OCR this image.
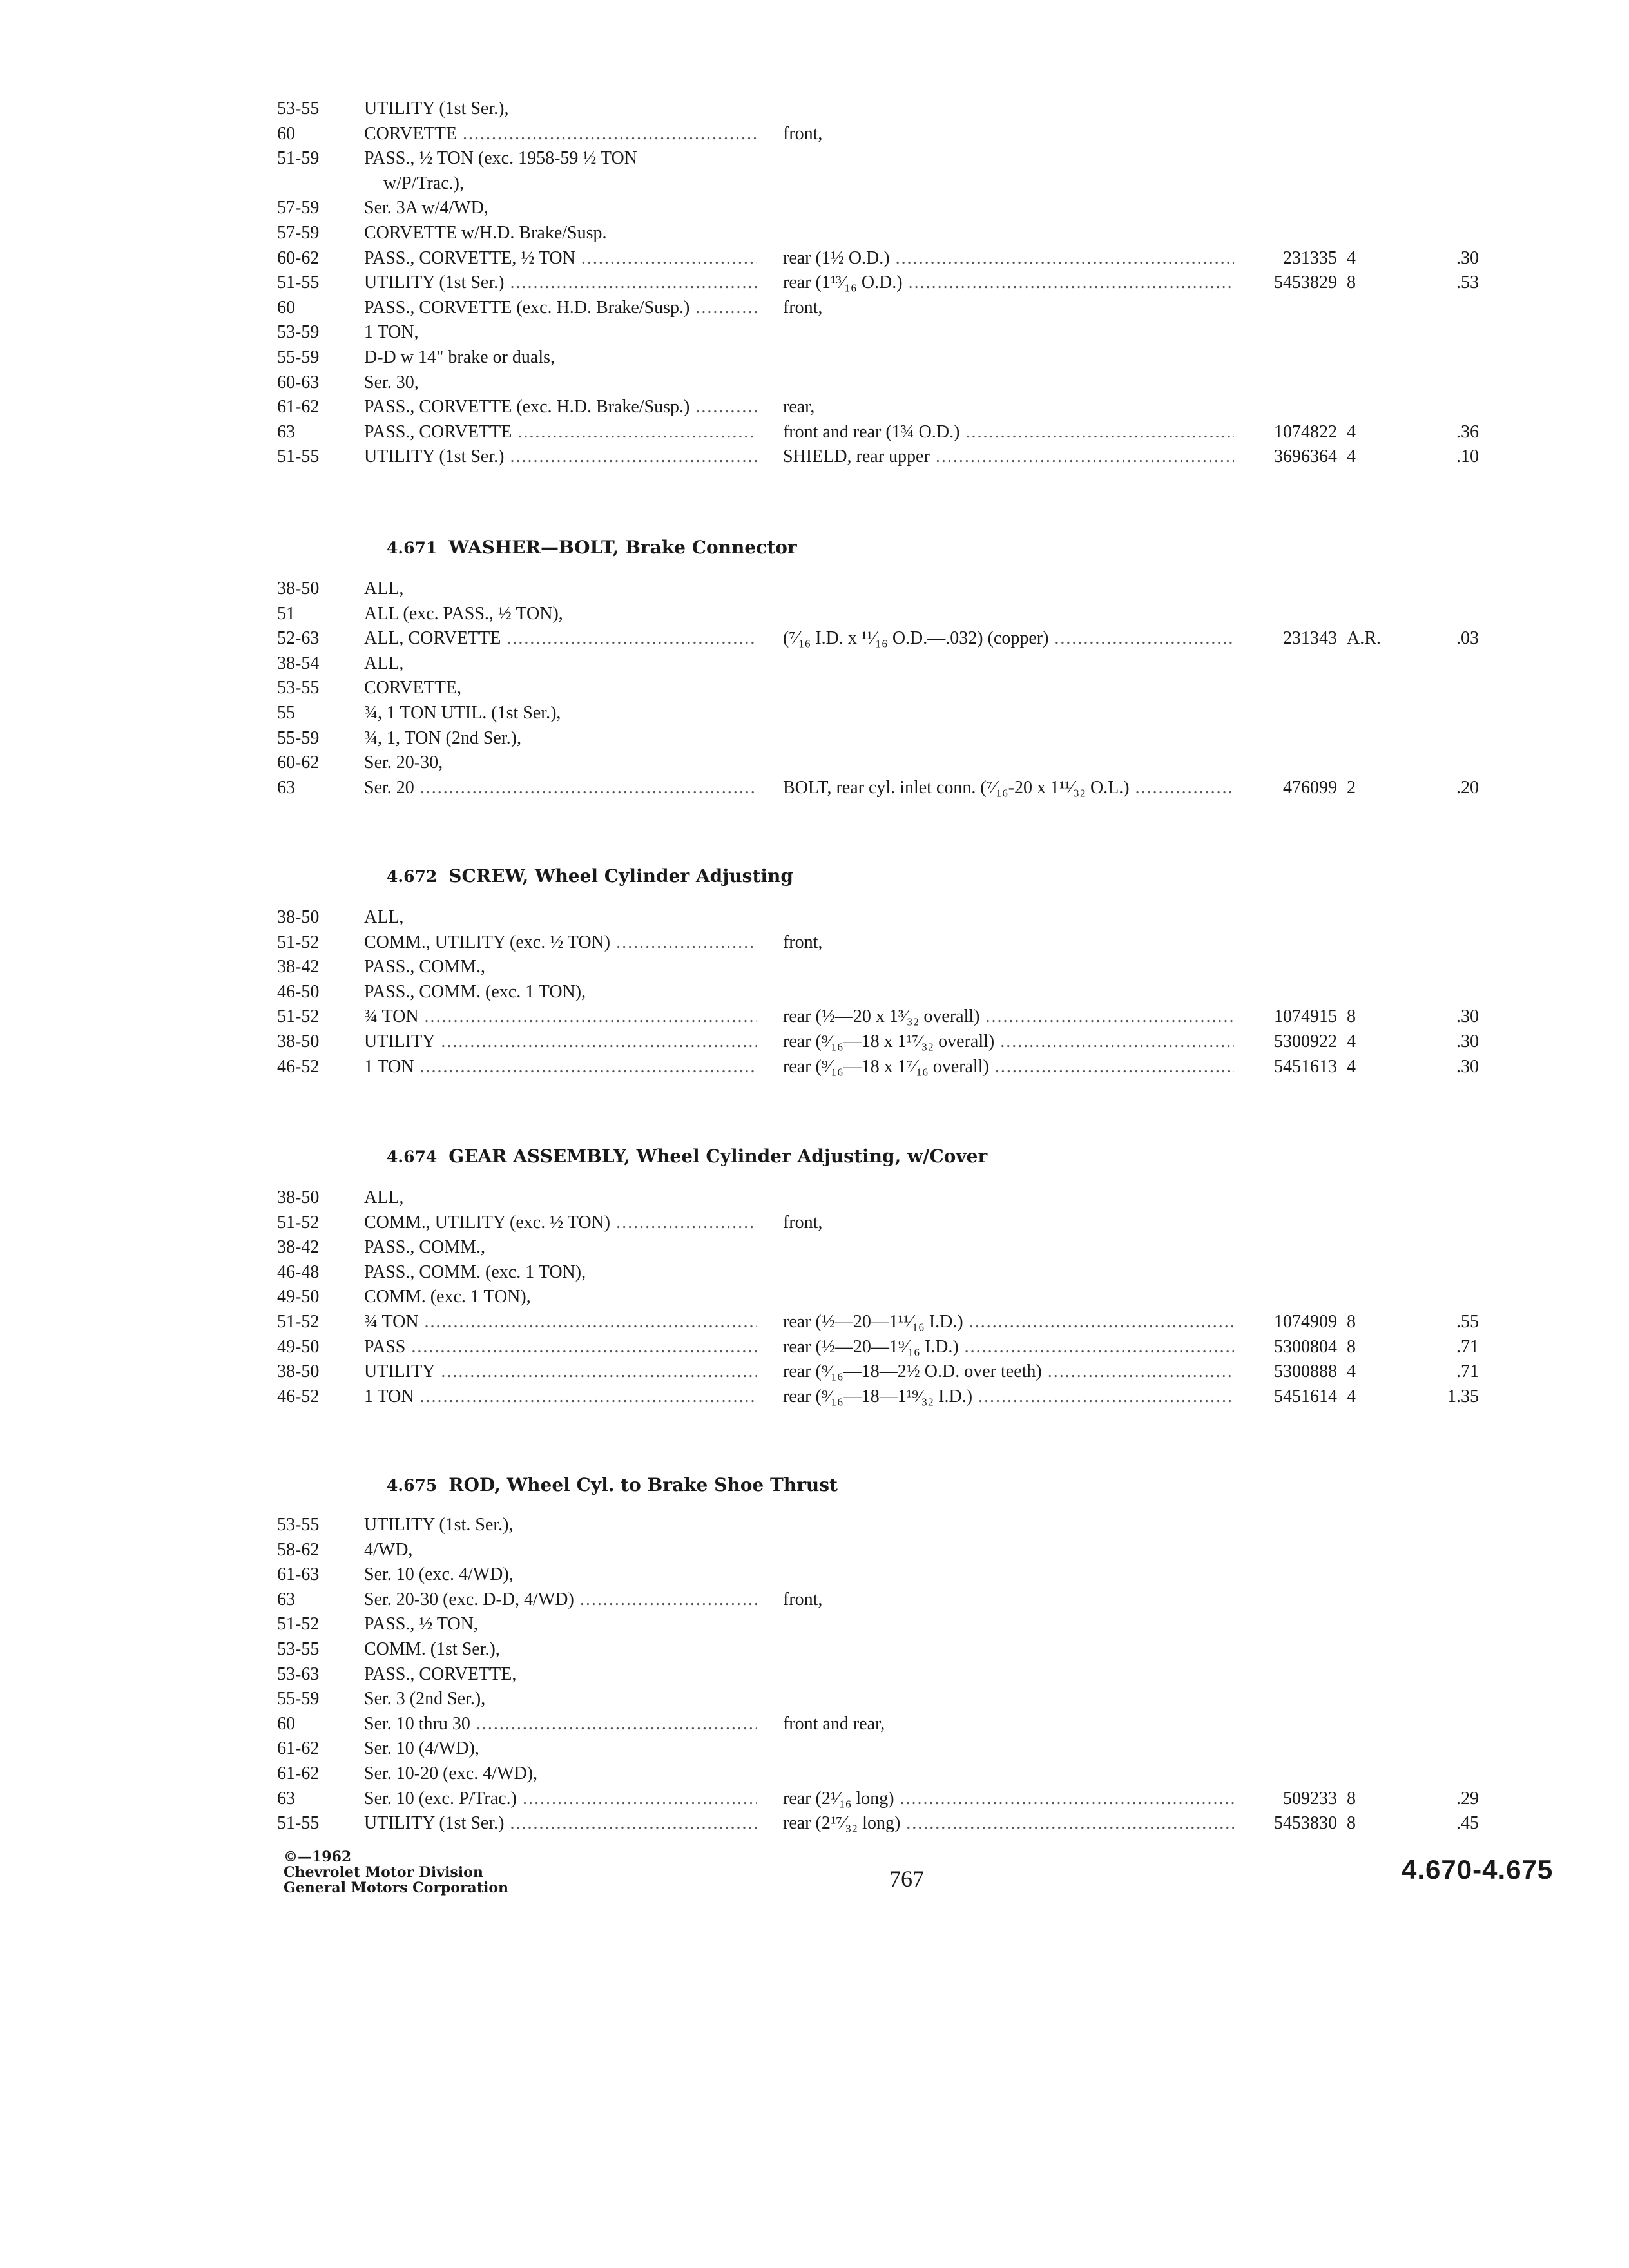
53-55	UTILITY (1st Ser.),
60	CORVETTE .....	front,
51-59	PASS., ½ TON (exc. 1958-59 ½ TON
w/P/Trac.),
57-59	Ser. 3A w/4/WD,
57-59	CORVETTE w/H.D. Brake/Susp.
60-62	PASS., CORVETTE, ½ TON .....	rear (1½ O.D.) .....	231335 4	.30
51-55	UTILITY (1st Ser.) .....	rear (1¹³⁄₁₆ O.D.) .....	5453829 8	.53
60	PASS., CORVETTE (exc. H.D. Brake/Susp.) .....	front,
53-59	1 TON,
55-59	D-D w 14" brake or duals,
60-63	Ser. 30,
61-62	PASS., CORVETTE (exc. H.D. Brake/Susp.) .....	rear,
63	PASS., CORVETTE .....	front and rear (1¾ O.D.) .....	1074822 4	.36
51-55	UTILITY (1st Ser.) .....	SHIELD, rear upper .....	3696364 4	.10
4.671 WASHER—BOLT, Brake Connector
38-50	ALL,
51	ALL (exc. PASS., ½ TON),
52-63	ALL, CORVETTE .....	(⁷⁄₁₆ I.D. x ¹¹⁄₁₆ O.D.—.032) (copper) .....	231343 A.R.	.03
38-54	ALL,
53-55	CORVETTE,
55	¾, 1 TON UTIL. (1st Ser.),
55-59	¾, 1, TON (2nd Ser.),
60-62	Ser. 20-30,
63	Ser. 20 .....	BOLT, rear cyl. inlet conn. (⁷⁄₁₆-20 x 1¹¹⁄₃₂ O.L.) .....	476099 2	.20
4.672 SCREW, Wheel Cylinder Adjusting
38-50	ALL,
51-52	COMM., UTILITY (exc. ½ TON) .....	front,
38-42	PASS., COMM.,
46-50	PASS., COMM. (exc. 1 TON),
51-52	¾ TON .....	rear (½—20 x 1³⁄₃₂ overall) .....	1074915 8	.30
38-50	UTILITY .....	rear (⁹⁄₁₆—18 x 1¹⁷⁄₃₂ overall) .....	5300922 4	.30
46-52	1 TON .....	rear (⁹⁄₁₆—18 x 1⁷⁄₁₆ overall) .....	5451613 4	.30
4.674 GEAR ASSEMBLY, Wheel Cylinder Adjusting, w/Cover
38-50	ALL,
51-52	COMM., UTILITY (exc. ½ TON) .....	front,
38-42	PASS., COMM.,
46-48	PASS., COMM. (exc. 1 TON),
49-50	COMM. (exc. 1 TON),
51-52	¾ TON .....	rear (½—20—1¹¹⁄₁₆ I.D.) .....	1074909 8	.55
49-50	PASS .....	rear (½—20—1⁹⁄₁₆ I.D.) .....	5300804 8	.71
38-50	UTILITY .....	rear (⁹⁄₁₆—18—2½ O.D. over teeth) .....	5300888 4	.71
46-52	1 TON .....	rear (⁹⁄₁₆—18—1¹⁹⁄₃₂ I.D.) .....	5451614 4	1.35
4.675 ROD, Wheel Cyl. to Brake Shoe Thrust
53-55	UTILITY (1st. Ser.),
58-62	4/WD,
61-63	Ser. 10 (exc. 4/WD),
63	Ser. 20-30 (exc. D-D, 4/WD) .....	front,
51-52	PASS., ½ TON,
53-55	COMM. (1st Ser.),
53-63	PASS., CORVETTE,
55-59	Ser. 3 (2nd Ser.),
60	Ser. 10 thru 30 .....	front and rear,
61-62	Ser. 10 (4/WD),
61-62	Ser. 10-20 (exc. 4/WD),
63	Ser. 10 (exc. P/Trac.) .....	rear (2¹⁄₁₆ long) .....	509233 8	.29
51-55	UTILITY (1st Ser.) .....	rear (2¹⁷⁄₃₂ long) .....	5453830 8	.45
©—1962
Chevrolet Motor Division
General Motors Corporation	767	4.670-4.675
